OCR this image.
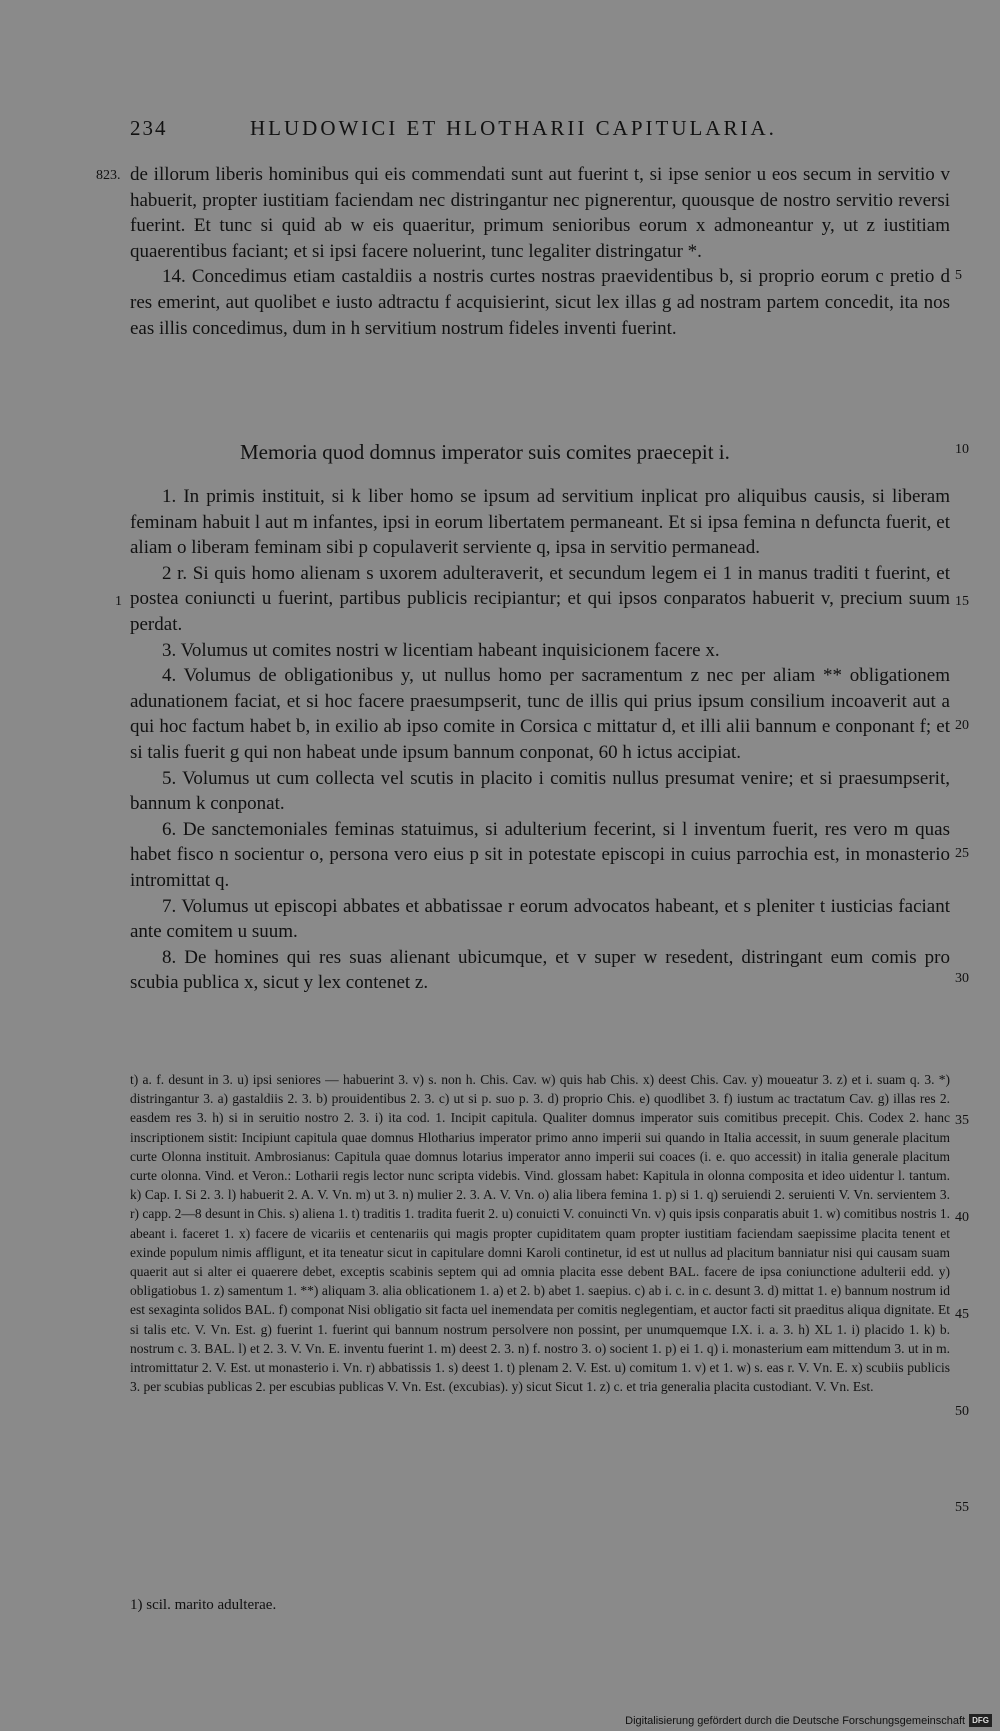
234	HLUDOWICI ET HLOTHARII CAPITULARIA.
823.
5
10
15
20
25
30
1
35
40
45
50
55

de illorum liberis hominibus qui eis commendati sunt aut fuerint t, si ipse senior u eos secum in servitio v habuerit, propter iustitiam faciendam nec distringantur nec pignerentur, quousque de nostro servitio reversi fuerint. Et tunc si quid ab w eis quaeritur, primum senioribus eorum x admoneantur y, ut z iustitiam quaerentibus faciant; et si ipsi facere noluerint, tunc legaliter distringatur *.

14. Concedimus etiam castaldiis a nostris curtes nostras praevidentibus b, si proprio eorum c pretio d res emerint, aut quolibet e iusto adtractu f acquisierint, sicut lex illas g ad nostram partem concedit, ita nos eas illis concedimus, dum in h servitium nostrum fideles inventi fuerint.

Memoria quod domnus imperator suis comites praecepit i.

1. In primis instituit, si k liber homo se ipsum ad servitium inplicat pro aliquibus causis, si liberam feminam habuit l aut m infantes, ipsi in eorum libertatem permaneant. Et si ipsa femina n defuncta fuerit, et aliam o liberam feminam sibi p copulaverit serviente q, ipsa in servitio permanead.

2 r. Si quis homo alienam s uxorem adulteraverit, et secundum legem ei 1 in manus traditi t fuerint, et postea coniuncti u fuerint, partibus publicis recipiantur; et qui ipsos conparatos habuerit v, precium suum perdat.

3. Volumus ut comites nostri w licentiam habeant inquisicionem facere x.

4. Volumus de obligationibus y, ut nullus homo per sacramentum z nec per aliam ** obligationem adunationem faciat, et si hoc facere praesumpserit, tunc de illis qui prius ipsum consilium incoaverit aut a qui hoc factum habet b, in exilio ab ipso comite in Corsica c mittatur d, et illi alii bannum e conponant f; et si talis fuerit g qui non habeat unde ipsum bannum conponat, 60 h ictus accipiat.

5. Volumus ut cum collecta vel scutis in placito i comitis nullus presumat venire; et si praesumpserit, bannum k conponat.

6. De sanctemoniales feminas statuimus, si adulterium fecerint, si l inventum fuerit, res vero m quas habet fisco n socientur o, persona vero eius p sit in potestate episcopi in cuius parrochia est, in monasterio intromittat q.

7. Volumus ut episcopi abbates et abbatissae r eorum advocatos habeant, et s pleniter t iusticias faciant ante comitem u suum.

8. De homines qui res suas alienant ubicumque, et v super w resedent, distringant eum comis pro scubia publica x, sicut y lex contenet z.

t) a. f. desunt in 3. u) ipsi seniores — habuerint 3. v) s. non h. Chis. Cav. w) quis hab Chis. x) deest Chis. Cav. y) moueatur 3. z) et i. suam q. 3. *) distringantur 3. a) gastaldiis 2. 3. b) prouidentibus 2. 3. c) ut si p. suo p. 3. d) proprio Chis. e) quodlibet 3. f) iustum ac tractatum Cav. g) illas res 2. easdem res 3. h) si in seruitio nostro 2. 3. i) ita cod. 1. Incipit capitula. Qualiter domnus imperator suis comitibus precepit. Chis. Codex 2. hanc inscriptionem sistit: Incipiunt capitula quae domnus Hlotharius imperator primo anno imperii sui quando in Italia accessit, in suum generale placitum curte Olonna instituit. Ambrosianus: Capitula quae domnus lotarius imperator anno imperii sui coaces (i. e. quo accessit) in italia generale placitum curte olonna. Vind. et Veron.: Lotharii regis lector nunc scripta videbis. Vind. glossam habet: Kapitula in olonna composita et ideo uidentur l. tantum. k) Cap. I. Si 2. 3. l) habuerit 2. A. V. Vn. m) ut 3. n) mulier 2. 3. A. V. Vn. o) alia libera femina 1. p) si 1. q) seruiendi 2. seruienti V. Vn. servientem 3. r) capp. 2—8 desunt in Chis. s) aliena 1. t) traditis 1. tradita fuerit 2. u) conuicti V. conuincti Vn. v) quis ipsis conparatis abuit 1. w) comitibus nostris 1. abeant i. faceret 1. x) facere de vicariis et centenariis qui magis propter cupiditatem quam propter iustitiam faciendam saepissime placita tenent et exinde populum nimis affligunt, et ita teneatur sicut in capitulare domni Karoli continetur, id est ut nullus ad placitum banniatur nisi qui causam suam quaerit aut si alter ei quaerere debet, exceptis scabinis septem qui ad omnia placita esse debent BAL. facere de ipsa coniunctione adulterii edd. y) obligatiobus 1. z) samentum 1. **) aliquam 3. alia oblicationem 1. a) et 2. b) abet 1. saepius. c) ab i. c. in c. desunt 3. d) mittat 1. e) bannum nostrum id est sexaginta solidos BAL. f) componat Nisi obligatio sit facta uel inemendata per comitis neglegentiam, et auctor facti sit praeditus aliqua dignitate. Et si talis etc. V. Vn. Est. g) fuerint 1. fuerint qui bannum nostrum persolvere non possint, per unumquemque I.X. i. a. 3. h) XL 1. i) placido 1. k) b. nostrum c. 3. BAL. l) et 2. 3. V. Vn. E. inventu fuerint 1. m) deest 2. 3. n) f. nostro 3. o) socient 1. p) ei 1. q) i. monasterium eam mittendum 3. ut in m. intromittatur 2. V. Est. ut monasterio i. Vn. r) abbatissis 1. s) deest 1. t) plenam 2. V. Est. u) comitum 1. v) et 1. w) s. eas r. V. Vn. E. x) scubiis publicis 3. per scubias publicas 2. per escubias publicas V. Vn. Est. (excubias). y) sicut Sicut 1. z) c. et tria generalia placita custodiant. V. Vn. Est.
1) scil. marito adulterae.
Digitalisierung gefördert durch die Deutsche Forschungsgemeinschaft DFG
